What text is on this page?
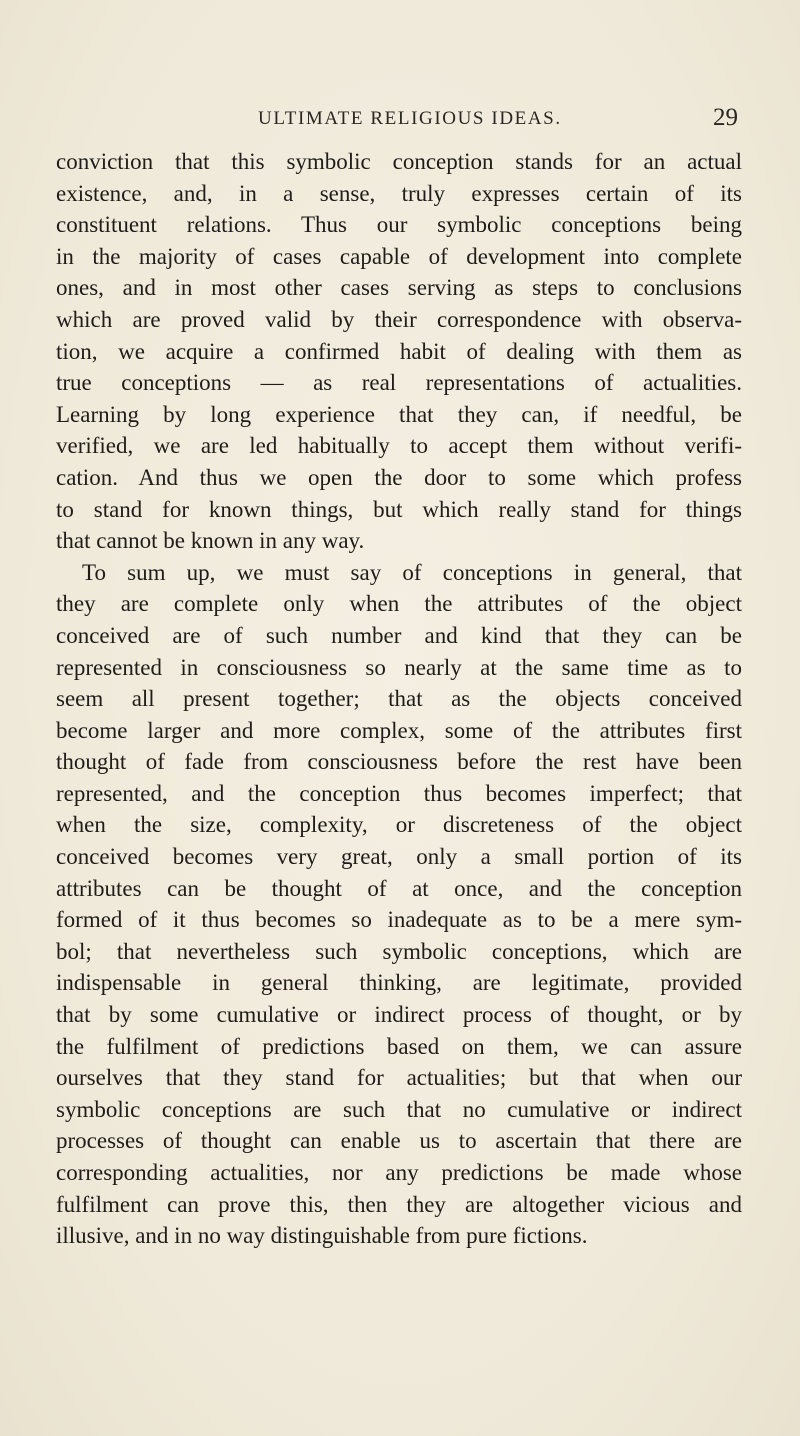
ULTIMATE RELIGIOUS IDEAS.	29
conviction that this symbolic conception stands for an actual
existence, and, in a sense, truly expresses certain of its
constituent relations. Thus our symbolic conceptions being
in the majority of cases capable of development into complete
ones, and in most other cases serving as steps to conclusions
which are proved valid by their correspondence with observa-
tion, we acquire a confirmed habit of dealing with them as
true conceptions — as real representations of actualities.
Learning by long experience that they can, if needful, be
verified, we are led habitually to accept them without verifi-
cation. And thus we open the door to some which profess
to stand for known things, but which really stand for things
that cannot be known in any way.
To sum up, we must say of conceptions in general, that
they are complete only when the attributes of the object
conceived are of such number and kind that they can be
represented in consciousness so nearly at the same time as to
seem all present together; that as the objects conceived
become larger and more complex, some of the attributes first
thought of fade from consciousness before the rest have been
represented, and the conception thus becomes imperfect; that
when the size, complexity, or discreteness of the object
conceived becomes very great, only a small portion of its
attributes can be thought of at once, and the conception
formed of it thus becomes so inadequate as to be a mere sym-
bol; that nevertheless such symbolic conceptions, which are
indispensable in general thinking, are legitimate, provided
that by some cumulative or indirect process of thought, or by
the fulfilment of predictions based on them, we can assure
ourselves that they stand for actualities; but that when our
symbolic conceptions are such that no cumulative or indirect
processes of thought can enable us to ascertain that there are
corresponding actualities, nor any predictions be made whose
fulfilment can prove this, then they are altogether vicious and
illusive, and in no way distinguishable from pure fictions.
